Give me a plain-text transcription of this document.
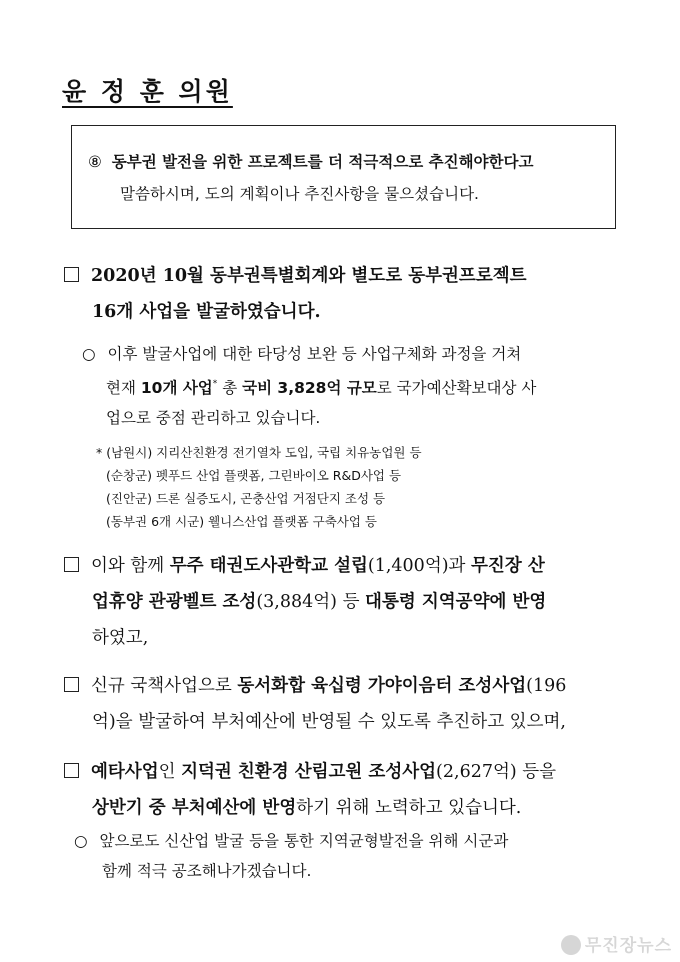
윤 정 훈 의원
⑧ 동부권 발전을 위한 프로젝트를 더 적극적으로 추진해야한다고
말씀하시며, 도의 계획이나 추진사항을 물으셨습니다.
2020년 10월 동부권특별회계와 별도로 동부권프로젝트
16개 사업을 발굴하였습니다.
○ 이후 발굴사업에 대한 타당성 보완 등 사업구체화 과정을 거쳐
현재 10개 사업* 총 국비 3,828억 규모로 국가예산확보대상 사
업으로 중점 관리하고 있습니다.
* (남원시) 지리산친환경 전기열차 도입, 국립 치유농업원 등
(순창군) 펫푸드 산업 플랫폼, 그린바이오 R&D사업 등
(진안군) 드론 실증도시, 곤충산업 거점단지 조성 등
(동부권 6개 시군) 웰니스산업 플랫폼 구축사업 등
이와 함께 무주 태권도사관학교 설립(1,400억)과 무진장 산
업휴양 관광벨트 조성(3,884억) 등 대통령 지역공약에 반영
하였고,
신규 국책사업으로 동서화합 육십령 가야이음터 조성사업(196
억)을 발굴하여 부처예산에 반영될 수 있도록 추진하고 있으며,
예타사업인 지덕권 친환경 산림고원 조성사업(2,627억) 등을
상반기 중 부처예산에 반영하기 위해 노력하고 있습니다.
○ 앞으로도 신산업 발굴 등을 통한 지역균형발전을 위해 시군과
함께 적극 공조해나가겠습니다.
무진장뉴스
